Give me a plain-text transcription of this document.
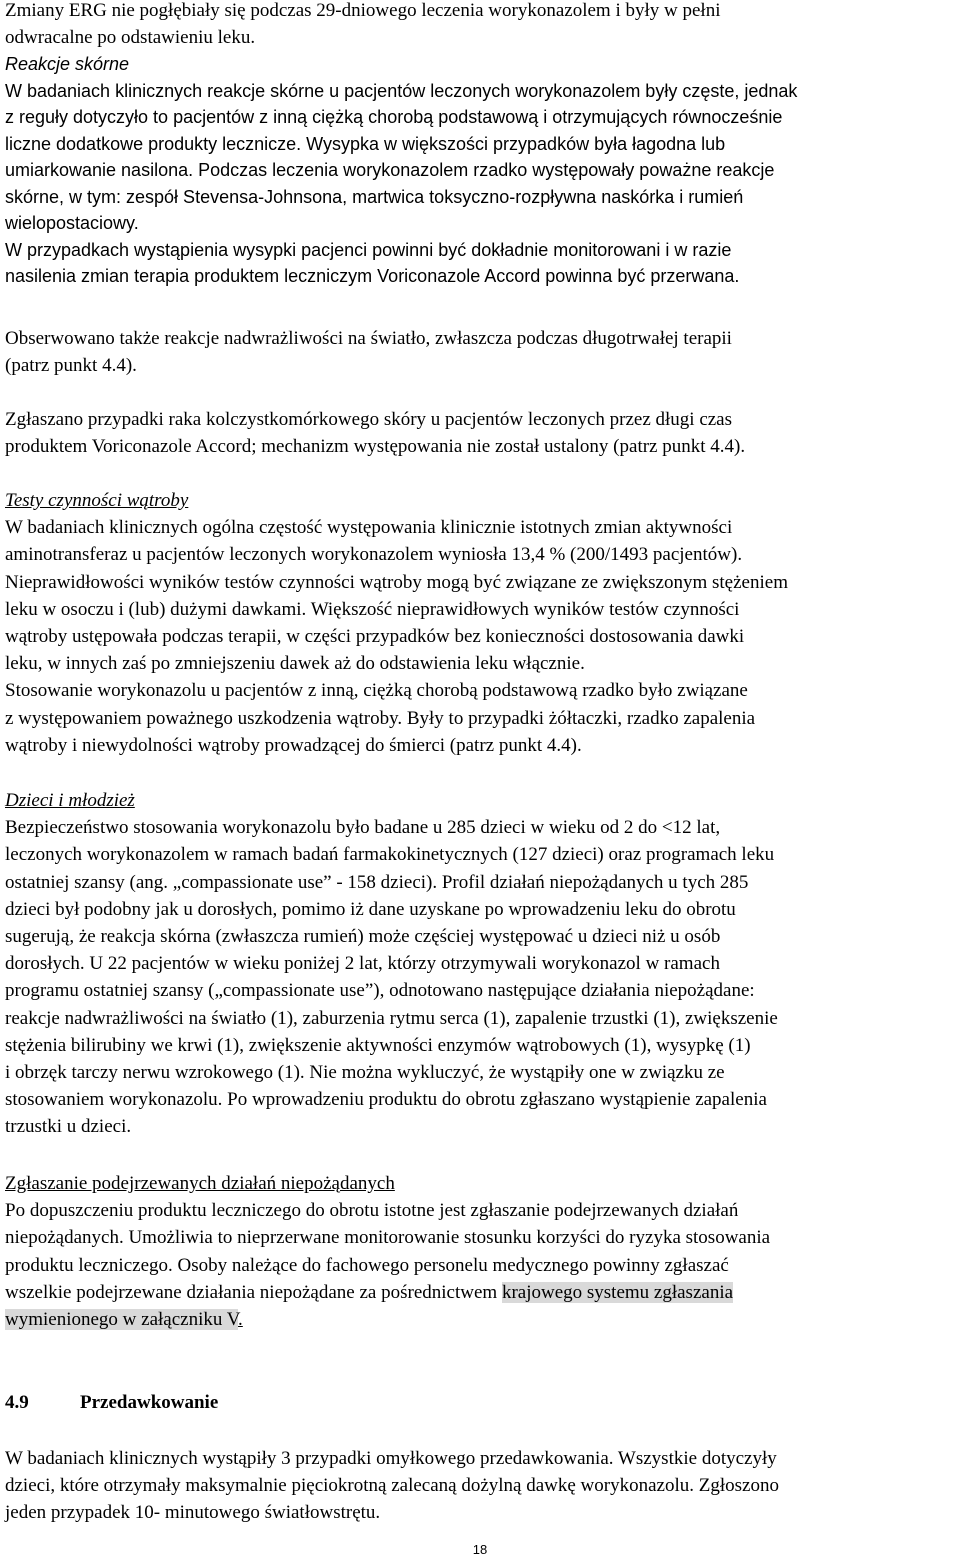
Zmiany ERG nie pogłębiały się podczas 29-dniowego leczenia worykonazolem i były w pełni
odwracalne po odstawieniu leku.

Reakcje skórne
W badaniach klinicznych reakcje skórne u pacjentów leczonych worykonazolem były częste, jednak
z reguły dotyczyło to pacjentów z inną ciężką chorobą podstawową i otrzymujących równocześnie
liczne dodatkowe produkty lecznicze. Wysypka w większości przypadków była łagodna lub
umiarkowanie nasilona. Podczas leczenia worykonazolem rzadko występowały poważne reakcje
skórne, w tym: zespół Stevensa-Johnsona, martwica toksyczno-rozpływna naskórka i rumień
wielopostaciowy.
W przypadkach wystąpienia wysypki pacjenci powinni być dokładnie monitorowani i w razie
nasilenia zmian terapia produktem leczniczym Voriconazole Accord powinna być przerwana.

Obserwowano także reakcje nadwrażliwości na światło, zwłaszcza podczas długotrwałej terapii
(patrz punkt 4.4).

Zgłaszano przypadki raka kolczystkomórkowego skóry u pacjentów leczonych przez długi czas
produktem Voriconazole Accord; mechanizm występowania nie został ustalony (patrz punkt 4.4).

Testy czynności wątroby
W badaniach klinicznych ogólna częstość występowania klinicznie istotnych zmian aktywności
aminotransferaz u pacjentów leczonych worykonazolem wyniosła 13,4 % (200/1493 pacjentów).
Nieprawidłowości wyników testów czynności wątroby mogą być związane ze zwiększonym stężeniem
leku w osoczu i (lub) dużymi dawkami. Większość nieprawidłowych wyników testów czynności
wątroby ustępowała podczas terapii, w części przypadków bez konieczności dostosowania dawki
leku, w innych zaś po zmniejszeniu dawek aż do odstawienia leku włącznie.
Stosowanie worykonazolu u pacjentów z inną, ciężką chorobą podstawową rzadko było związane
z występowaniem poważnego uszkodzenia wątroby. Były to przypadki żółtaczki, rzadko zapalenia
wątroby i niewydolności wątroby prowadzącej do śmierci (patrz punkt 4.4).
Dzieci i młodzież
Bezpieczeństwo stosowania worykonazolu było badane u 285 dzieci w wieku od 2 do <12 lat,
leczonych worykonazolem w ramach badań farmakokinetycznych (127 dzieci) oraz programach leku
ostatniej szansy (ang. „compassionate use” - 158 dzieci). Profil działań niepożądanych u tych 285
dzieci był podobny jak u dorosłych, pomimo iż dane uzyskane po wprowadzeniu leku do obrotu
sugerują, że reakcja skórna (zwłaszcza rumień) może częściej występować u dzieci niż u osób
dorosłych. U 22 pacjentów w wieku poniżej 2 lat, którzy otrzymywali worykonazol w ramach
programu ostatniej szansy („compassionate use”), odnotowano następujące działania niepożądane:
reakcje nadwrażliwości na światło (1), zaburzenia rytmu serca (1), zapalenie trzustki (1), zwiększenie
stężenia bilirubiny we krwi (1), zwiększenie aktywności enzymów wątrobowych (1), wysypkę (1)
i obrzęk tarczy nerwu wzrokowego (1). Nie można wykluczyć, że wystąpiły one w związku ze
stosowaniem worykonazolu. Po wprowadzeniu produktu do obrotu zgłaszano wystąpienie zapalenia
trzustki u dzieci.
Zgłaszanie podejrzewanych działań niepożądanych
Po dopuszczeniu produktu leczniczego do obrotu istotne jest zgłaszanie podejrzewanych działań
niepożądanych. Umożliwia to nieprzerwane monitorowanie stosunku korzyści do ryzyka stosowania
produktu leczniczego. Osoby należące do fachowego personelu medycznego powinny zgłaszać
wszelkie podejrzewane działania niepożądane za pośrednictwem krajowego systemu zgłaszania
wymienionego w załączniku V.
4.9	Przedawkowanie

W badaniach klinicznych wystąpiły 3 przypadki omyłkowego przedawkowania. Wszystkie dotyczyły
dzieci, które otrzymały maksymalnie pięciokrotną zalecaną dożylną dawkę worykonazolu. Zgłoszono
jeden przypadek 10- minutowego światłowstrętu.

18
